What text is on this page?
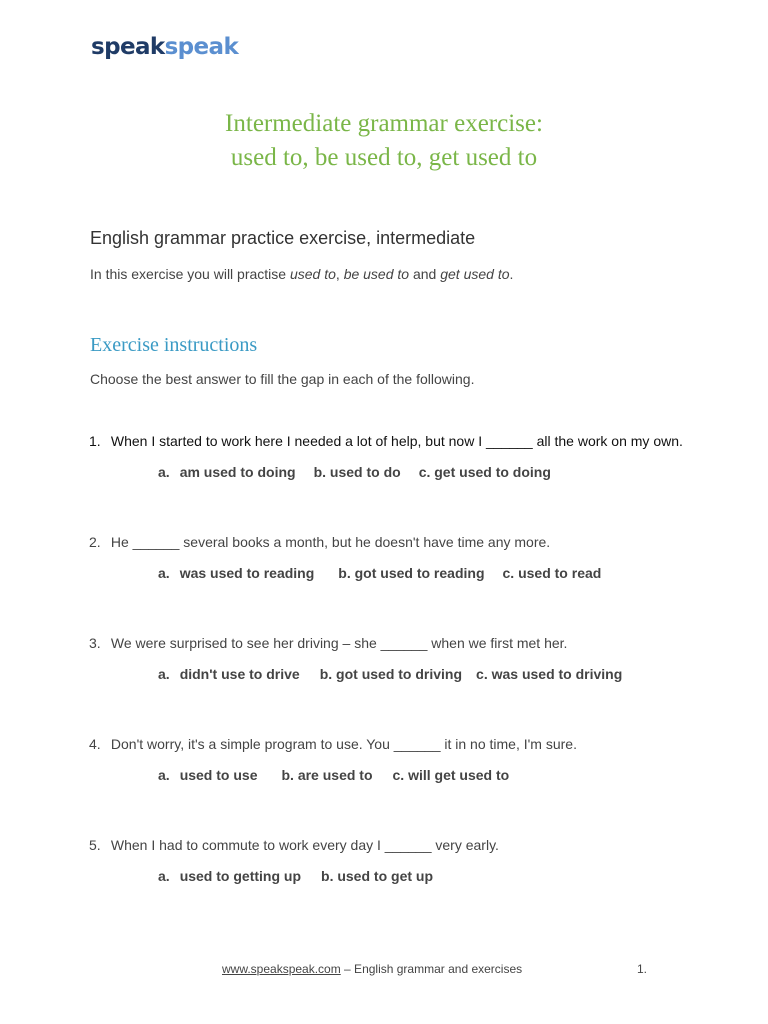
speakspeak
Intermediate grammar exercise:
used to, be used to, get used to
English grammar practice exercise, intermediate
In this exercise you will practise used to, be used to and get used to.
Exercise instructions
Choose the best answer to fill the gap in each of the following.
1. When I started to work here I needed a lot of help, but now I ______ all the work on my own.
a. am used to doing b. used to do c. get used to doing
2. He ______ several books a month, but he doesn't have time any more.
a. was used to reading b. got used to reading c. used to read
3. We were surprised to see her driving – she ______ when we first met her.
a. didn't use to drive b. got used to driving c. was used to driving
4. Don't worry, it's a simple program to use. You ______ it in no time, I'm sure.
a. used to use b. are used to c. will get used to
5. When I had to commute to work every day I ______ very early.
a. used to getting up b. used to get up
www.speakspeak.com – English grammar and exercises	1.
